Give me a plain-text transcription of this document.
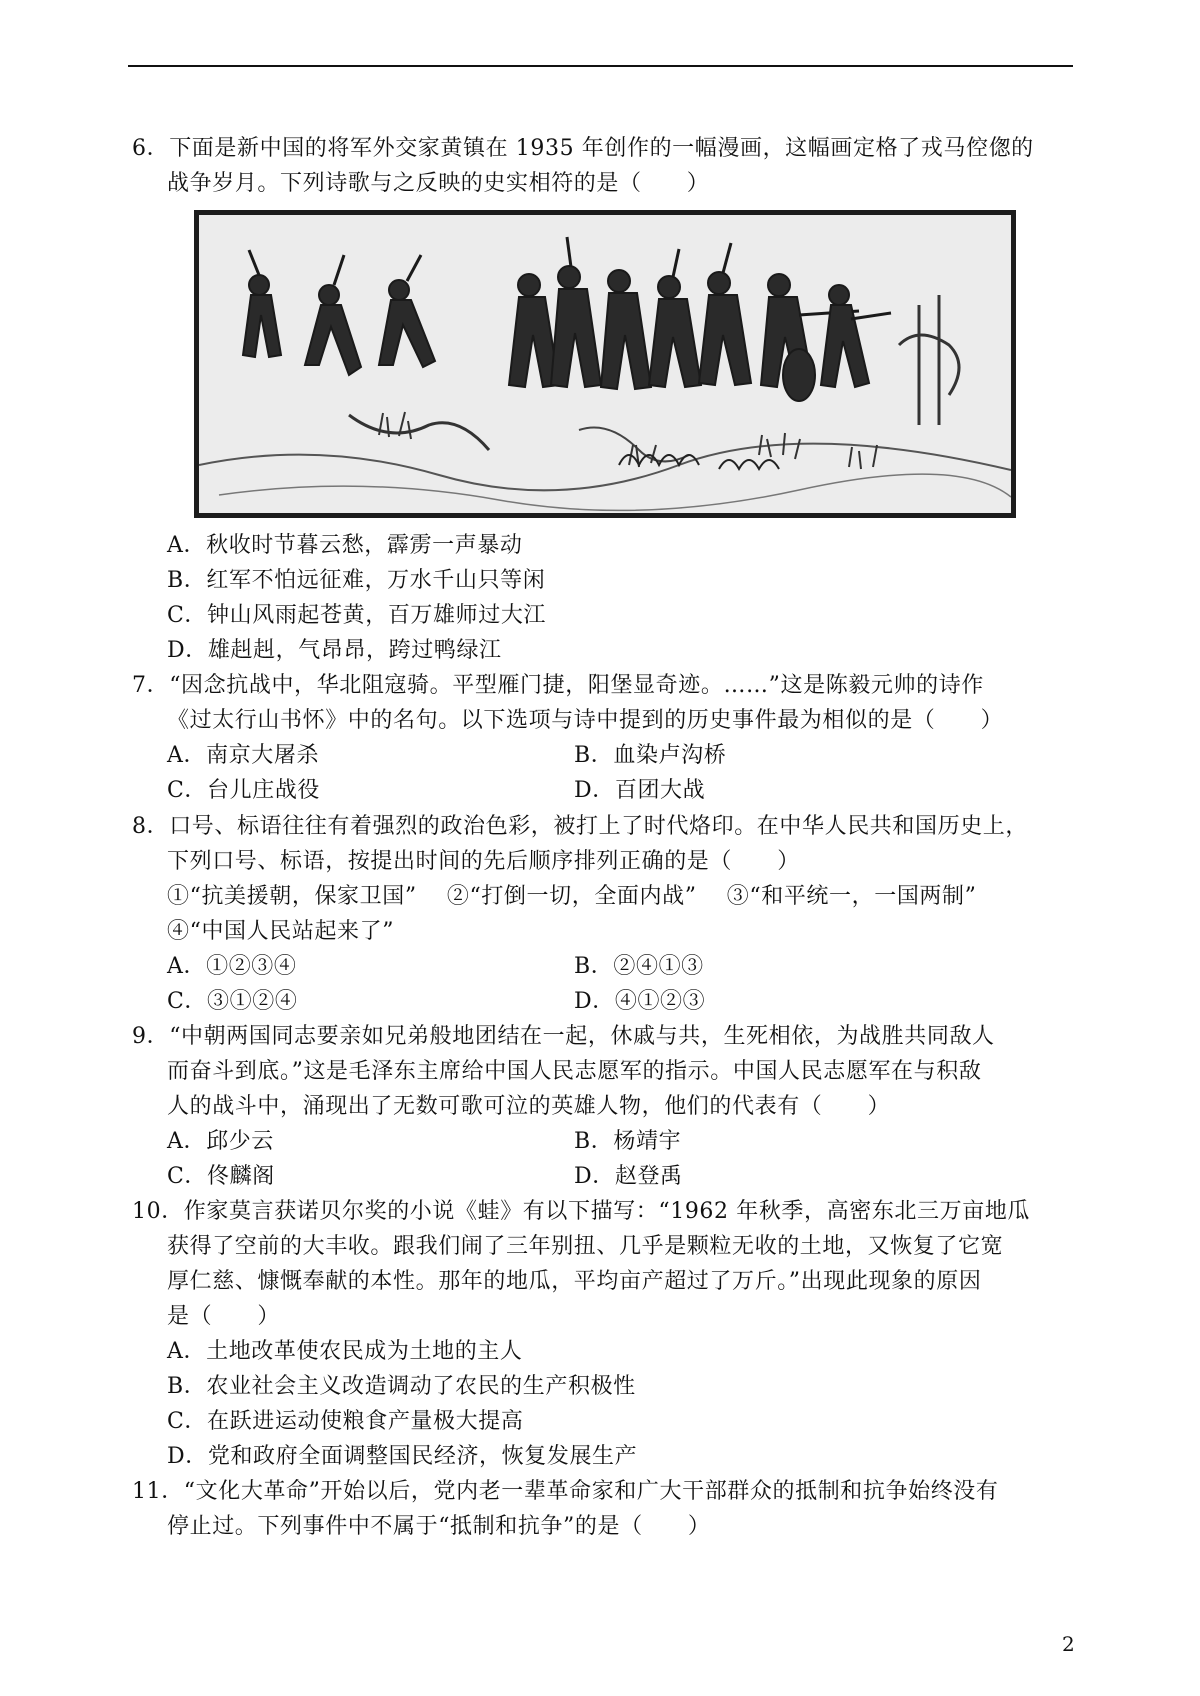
6．下面是新中国的将军外交家黄镇在 1935 年创作的一幅漫画，这幅画定格了戎马倥偬的
战争岁月。下列诗歌与之反映的史实相符的是（　　）
A．秋收时节暮云愁，霹雳一声暴动
B．红军不怕远征难，万水千山只等闲
C．钟山风雨起苍黄，百万雄师过大江
D．雄赳赳，气昂昂，跨过鸭绿江
7．“因念抗战中，华北阻寇骑。平型雁门捷，阳堡显奇迹。……”这是陈毅元帅的诗作
《过太行山书怀》中的名句。以下选项与诗中提到的历史事件最为相似的是（　　）
A．南京大屠杀	B．血染卢沟桥
C．台儿庄战役	D．百团大战
8．口号、标语往往有着强烈的政治色彩，被打上了时代烙印。在中华人民共和国历史上，
下列口号、标语，按提出时间的先后顺序排列正确的是（　　）
①“抗美援朝，保家卫国”　 ②“打倒一切，全面内战”　 ③“和平统一，一国两制”
④“中国人民站起来了”
A．①②③④	B．②④①③
C．③①②④	D．④①②③
9．“中朝两国同志要亲如兄弟般地团结在一起，休戚与共，生死相依，为战胜共同敌人
而奋斗到底。”这是毛泽东主席给中国人民志愿军的指示。中国人民志愿军在与积敌
人的战斗中，涌现出了无数可歌可泣的英雄人物，他们的代表有（　　）
A．邱少云	B．杨靖宇
C．佟麟阁	D．赵登禹
10．作家莫言获诺贝尔奖的小说《蛙》有以下描写：“1962 年秋季，高密东北三万亩地瓜
获得了空前的大丰收。跟我们闹了三年别扭、几乎是颗粒无收的土地，又恢复了它宽
厚仁慈、慷慨奉献的本性。那年的地瓜，平均亩产超过了万斤。”出现此现象的原因
是（　　）
A．土地改革使农民成为土地的主人
B．农业社会主义改造调动了农民的生产积极性
C．在跃进运动使粮食产量极大提高
D．党和政府全面调整国民经济，恢复发展生产
11．“文化大革命”开始以后，党内老一辈革命家和广大干部群众的抵制和抗争始终没有
停止过。下列事件中不属于“抵制和抗争”的是（　　）
2
